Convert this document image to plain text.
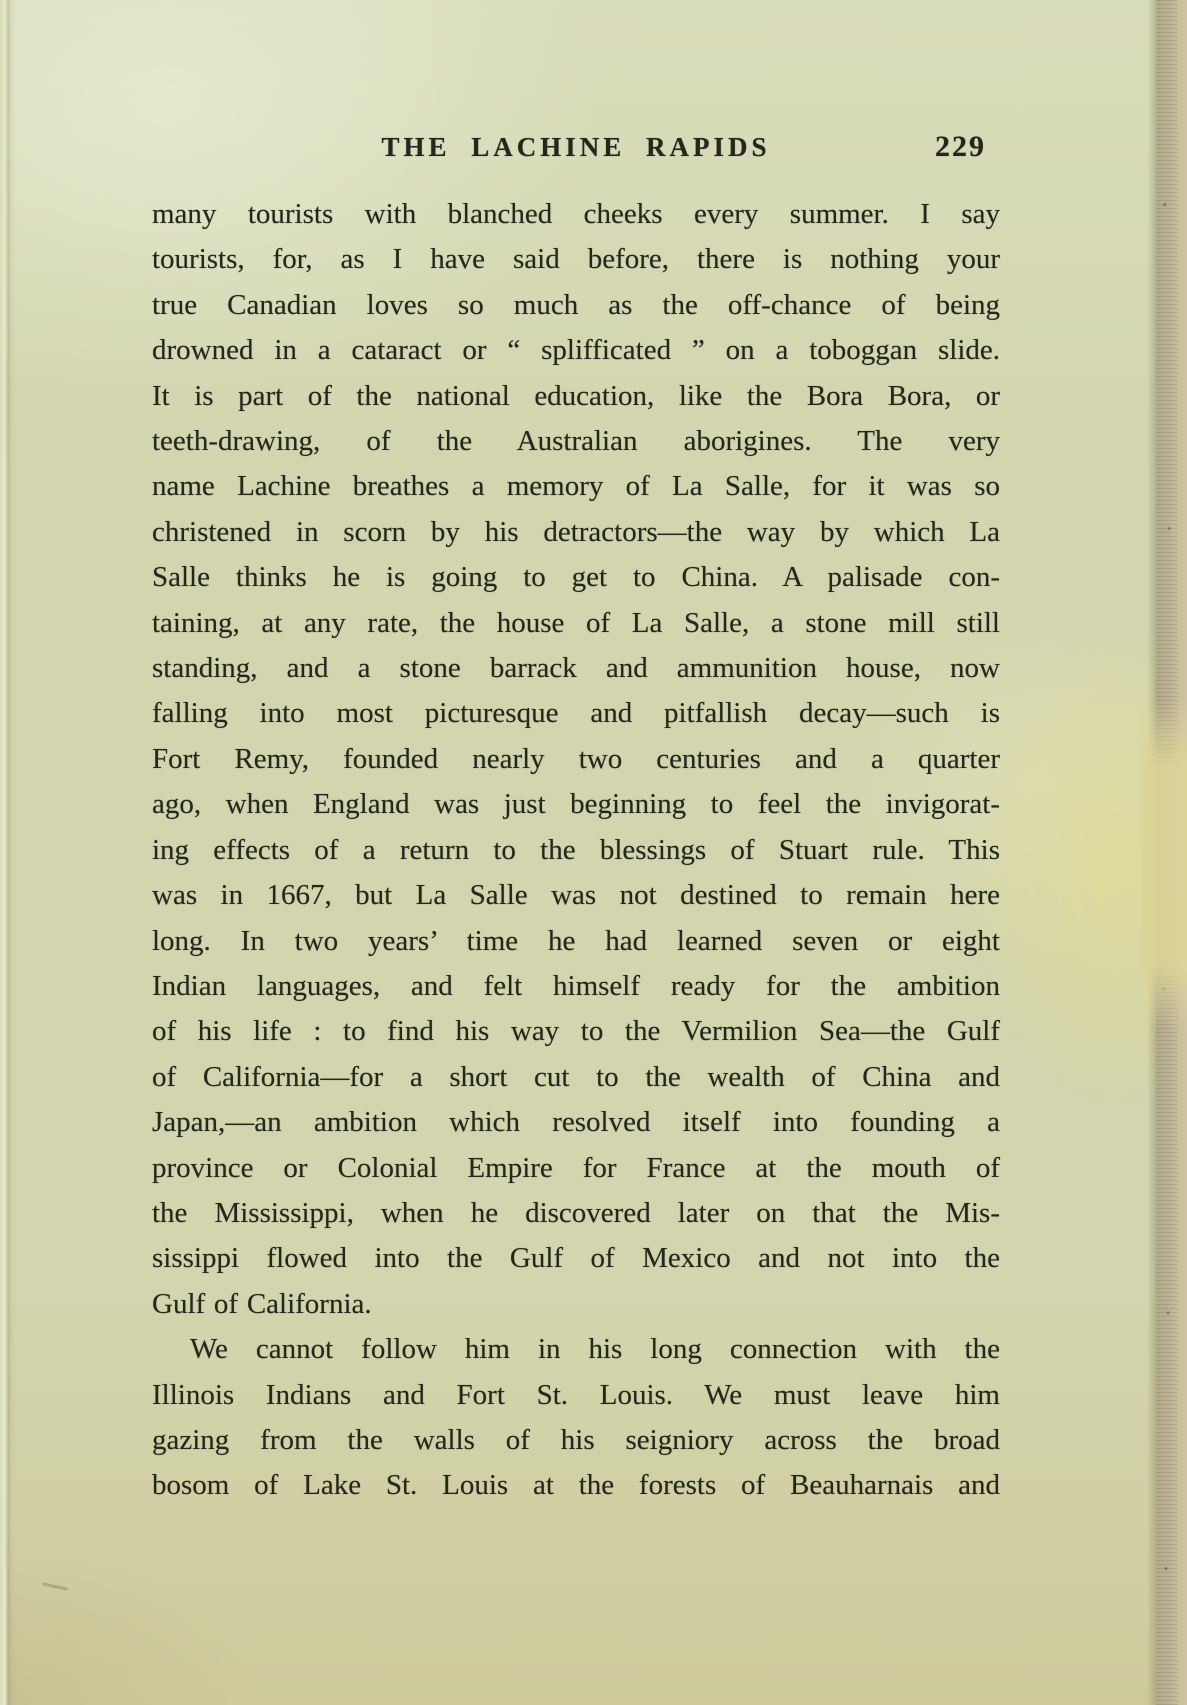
THE LACHINE RAPIDS	229
many tourists with blanched cheeks every summer. I say
tourists, for, as I have said before, there is nothing your
true Canadian loves so much as the off-chance of being
drowned in a cataract or “ splifficated ” on a toboggan slide.
It is part of the national education, like the Bora Bora, or
teeth-drawing, of the Australian aborigines. The very
name Lachine breathes a memory of La Salle, for it was so
christened in scorn by his detractors—the way by which La
Salle thinks he is going to get to China. A palisade con-
taining, at any rate, the house of La Salle, a stone mill still
standing, and a stone barrack and ammunition house, now
falling into most picturesque and pitfallish decay—such is
Fort Remy, founded nearly two centuries and a quarter
ago, when England was just beginning to feel the invigorat-
ing effects of a return to the blessings of Stuart rule. This
was in 1667, but La Salle was not destined to remain here
long. In two years’ time he had learned seven or eight
Indian languages, and felt himself ready for the ambition
of his life : to find his way to the Vermilion Sea—the Gulf
of California—for a short cut to the wealth of China and
Japan,—an ambition which resolved itself into founding a
province or Colonial Empire for France at the mouth of
the Mississippi, when he discovered later on that the Mis-
sissippi flowed into the Gulf of Mexico and not into the
Gulf of California.
We cannot follow him in his long connection with the
Illinois Indians and Fort St. Louis. We must leave him
gazing from the walls of his seigniory across the broad
bosom of Lake St. Louis at the forests of Beauharnais and
